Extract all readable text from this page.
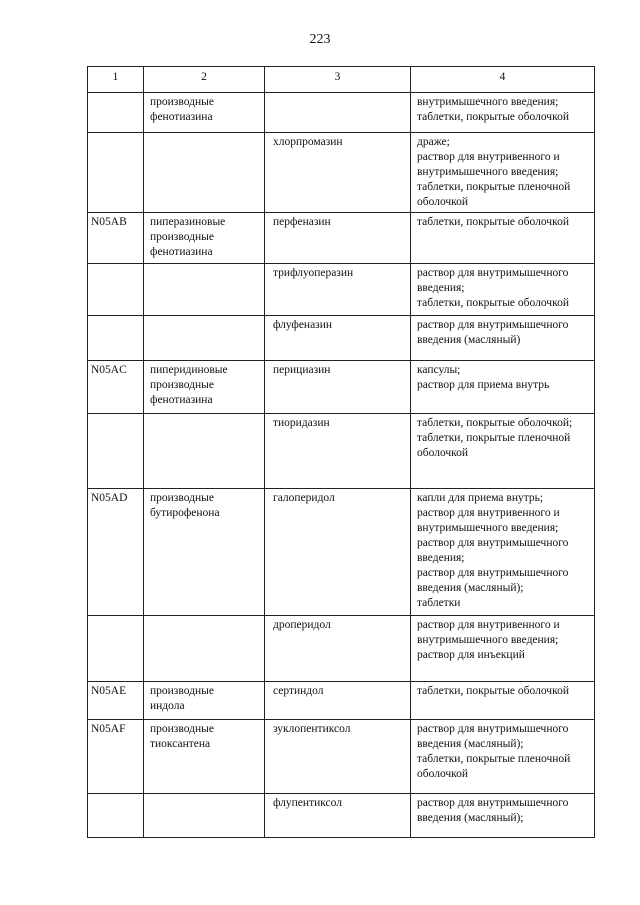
223
1	2	3	4

	производные
фенотиазина		внутримышечного введения;
таблетки, покрытые оболочкой

		хлорпромазин	драже;
раствор для внутривенного и внутримышечного введения;
таблетки, покрытые пленочной оболочкой

N05AB	пиперазиновые
производные
фенотиазина	перфеназин	таблетки, покрытые оболочкой

		трифлуоперазин	раствор для внутримышечного введения;
таблетки, покрытые оболочкой

		флуфеназин	раствор для внутримышечного введения (масляный)

N05AC	пиперидиновые
производные
фенотиазина	перициазин	капсулы;
раствор для приема внутрь

		тиоридазин	таблетки, покрытые оболочкой;
таблетки, покрытые пленочной оболочкой

N05AD	производные
бутирофенона	галоперидол	капли для приема внутрь;
раствор для внутривенного и внутримышечного введения;
раствор для внутримышечного введения;
раствор для внутримышечного введения (масляный);
таблетки

		дроперидол	раствор для внутривенного и внутримышечного введения;
раствор для инъекций

N05AE	производные
индола	сертиндол	таблетки, покрытые оболочкой

N05AF	производные
тиоксантена	зуклопентиксол	раствор для внутримышечного введения (масляный);
таблетки, покрытые пленочной оболочкой

		флупентиксол	раствор для внутримышечного введения (масляный);
